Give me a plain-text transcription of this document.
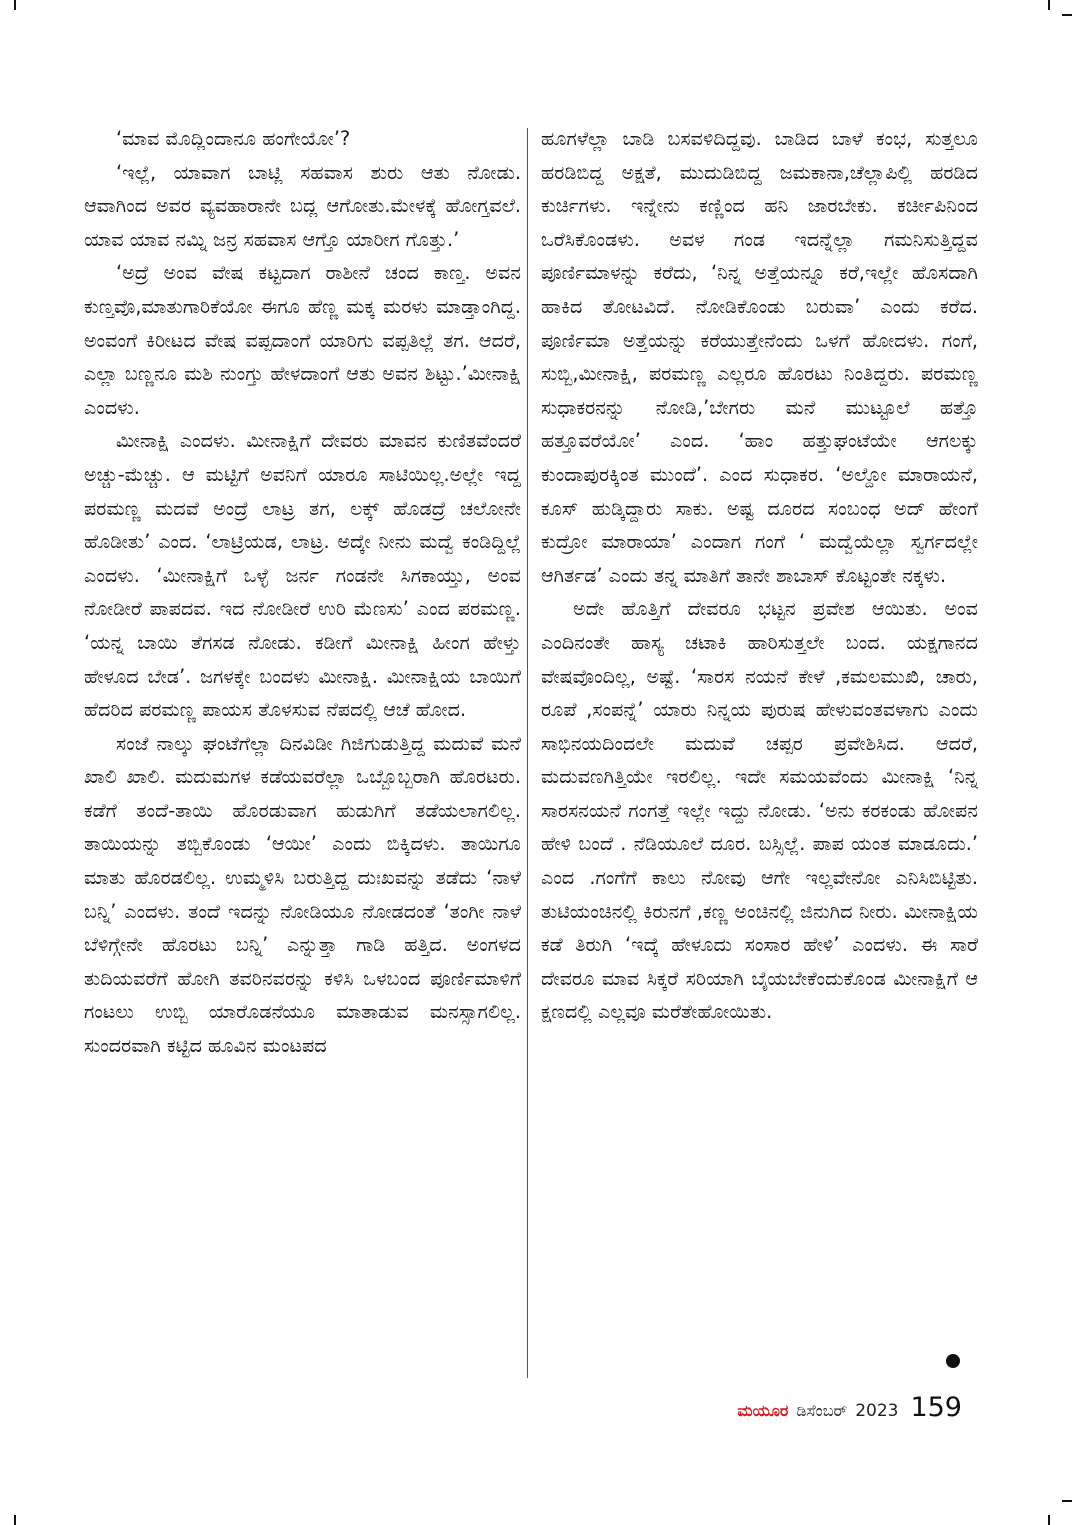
‘ಮಾವ ಮೊದ್ಲಿಂದಾನೂ ಹಂಗೇಯೋ’?

‘ಇಲ್ಲೆ, ಯಾವಾಗ ಬಾಟ್ಲಿ ಸಹವಾಸ ಶುರು ಆತು ನೋಡು. ಆವಾಗಿಂದ ಅವರ ವ್ಯವಹಾರಾನೇ ಬದ್ಲ ಆಗೋತು.ಮೇಳಕ್ಕೆ ಹೋಗ್ತವಲೆ. ಯಾವ ಯಾವ ನಮ್ನಿ ಜನ್ರ ಸಹವಾಸ ಆಗ್ತೊ ಯಾರೀಗ ಗೊತ್ತು.’

‘ಅದ್ರೆ ಅಂವ ವೇಷ ಕಟ್ಟದಾಗ ರಾಶೀನೆ ಚಂದ ಕಾಣ್ತ. ಅವನ ಕುಣ್ತವೊ,ಮಾತುಗಾರಿಕೆಯೋ ಈಗೂ ಹೆಣ್ಣ ಮಕ್ಕ ಮರಳು ಮಾಡ್ತಾಂಗಿದ್ದ. ಅಂವಂಗೆ ಕಿರೀಟದ ವೇಷ ವಪ್ಪದಾಂಗೆ ಯಾರಿಗು ವಪ್ಪತಿಲ್ಲೆ ತಗ. ಆದರೆ, ಎಲ್ಲಾ ಬಣ್ಣನೂ ಮಶಿ ನುಂಗ್ತು ಹೇಳದಾಂಗೆ ಆತು ಅವನ ಶಿಟ್ಟು.’ಮೀನಾಕ್ಷಿ ಎಂದಳು.

ಮೀನಾಕ್ಷಿ ಎಂದಳು. ಮೀನಾಕ್ಷಿಗೆ ದೇವರು ಮಾವನ ಕುಣಿತವೆಂದರೆ ಅಚ್ಚು-ಮೆಚ್ಚು. ಆ ಮಟ್ಟಿಗೆ ಅವನಿಗೆ ಯಾರೂ ಸಾಟಿಯಿಲ್ಲ.ಅಲ್ಲೇ ಇದ್ದ ಪರಮಣ್ಣ ಮದವೆ ಅಂದ್ರೆ ಲಾಟ್ರ ತಗ, ಲಕ್ಕ್ ಹೊಡದ್ರೆ ಚಲೋನೇ ಹೊಡೀತು’ ಎಂದ. ‘ಲಾಟ್ರಿಯಡ, ಲಾಟ್ರ. ಅದ್ಕೇ ನೀನು ಮದ್ವೆ ಕಂಡಿದ್ದಿಲ್ಲೆ ಎಂದಳು. ‘ಮೀನಾಕ್ಷಿಗೆ ಒಳ್ಳೆ ಜರ್ನ ಗಂಡನೇ ಸಿಗಕಾಯ್ತು, ಅಂವ ನೋಡೀರೆ ಪಾಪದವ. ಇದ ನೋಡೀರೆ ಉರಿ ಮೆಣಸು’ ಎಂದ ಪರಮಣ್ಣ. ‘ಯನ್ನ ಬಾಯಿ ತೆಗಸಡ ನೋಡು. ಕಡೀಗೆ ಮೀನಾಕ್ಷಿ ಹೀಂಗ ಹೇಳ್ತು ಹೇಳೂದ ಬೇಡ’. ಜಗಳಕ್ಕೇ ಬಂದಳು ಮೀನಾಕ್ಷಿ. ಮೀನಾಕ್ಷಿಯ ಬಾಯಿಗೆ ಹೆದರಿದ ಪರಮಣ್ಣ ಪಾಯಸ ತೊಳಸುವ ನೆಪದಲ್ಲಿ ಆಚೆ ಹೋದ.

ಸಂಜೆ ನಾಲ್ಕು ಘಂಟೆಗೆಲ್ಲಾ ದಿನವಿಡೀ ಗಿಜಿಗುಡುತ್ತಿದ್ದ ಮದುವೆ ಮನೆ ಖಾಲಿ ಖಾಲಿ. ಮದುಮಗಳ ಕಡೆಯವರೆಲ್ಲಾ ಒಬ್ಬೊಬ್ಬರಾಗಿ ಹೊರಟರು. ಕಡೆಗೆ ತಂದೆ-ತಾಯಿ ಹೊರಡುವಾಗ ಹುಡುಗಿಗೆ ತಡೆಯಲಾಗಲಿಲ್ಲ. ತಾಯಿಯನ್ನು ತಬ್ಬಿಕೊಂಡು ‘ಆಯೀ’ ಎಂದು ಬಿಕ್ಕಿದಳು. ತಾಯಿಗೂ ಮಾತು ಹೊರಡಲಿಲ್ಲ. ಉಮ್ಮಳಿಸಿ ಬರುತ್ತಿದ್ದ ದುಃಖವನ್ನು ತಡೆದು ‘ನಾಳೆ ಬನ್ನಿ’ ಎಂದಳು. ತಂದೆ ಇದನ್ನು ನೋಡಿಯೂ ನೋಡದಂತೆ ‘ತಂಗೀ ನಾಳೆ ಬೆಳಿಗ್ಗೇನೇ ಹೊರಟು ಬನ್ನಿ’ ಎನ್ನುತ್ತಾ ಗಾಡಿ ಹತ್ತಿದ. ಅಂಗಳದ ತುದಿಯವರೆಗೆ ಹೋಗಿ ತವರಿನವರನ್ನು ಕಳಿಸಿ ಒಳಬಂದ ಪೂರ್ಣಿಮಾಳಿಗೆ ಗಂಟಲು ಉಬ್ಬಿ ಯಾರೊಡನೆಯೂ ಮಾತಾಡುವ ಮನಸ್ಸಾಗಲಿಲ್ಲ. ಸುಂದರವಾಗಿ ಕಟ್ಟಿದ ಹೂವಿನ ಮಂಟಪದ

ಹೂಗಳೆಲ್ಲಾ ಬಾಡಿ ಬಸವಳಿದಿದ್ದವು. ಬಾಡಿದ ಬಾಳೆ ಕಂಭ, ಸುತ್ತಲೂ ಹರಡಿಬಿದ್ದ ಅಕ್ಷತೆ, ಮುದುಡಿಬಿದ್ದ ಜಮಕಾನಾ,ಚೆಲ್ಲಾಪಿಲ್ಲಿ ಹರಡಿದ ಕುರ್ಚಿಗಳು. ಇನ್ನೇನು ಕಣ್ಣಿಂದ ಹನಿ ಜಾರಬೇಕು. ಕರ್ಚೀಪಿನಿಂದ ಒರೆಸಿಕೊಂಡಳು. ಅವಳ ಗಂಡ ಇದನ್ನೆಲ್ಲಾ ಗಮನಿಸುತ್ತಿದ್ದವ ಪೂರ್ಣಿಮಾಳನ್ನು ಕರೆದು, ‘ನಿನ್ನ ಅತ್ತೆಯನ್ನೂ ಕರೆ,ಇಲ್ಲೇ ಹೊಸದಾಗಿ ಹಾಕಿದ ತೋಟವಿದೆ. ನೋಡಿಕೊಂಡು ಬರುವಾ’ ಎಂದು ಕರೆದ. ಪೂರ್ಣಿಮಾ ಅತ್ತೆಯನ್ನು ಕರೆಯುತ್ತೇನೆಂದು ಒಳಗೆ ಹೋದಳು. ಗಂಗೆ, ಸುಬ್ಬಿ,ಮೀನಾಕ್ಷಿ, ಪರಮಣ್ಣ ಎಲ್ಲರೂ ಹೊರಟು ನಿಂತಿದ್ದರು. ಪರಮಣ್ಣ ಸುಧಾಕರನನ್ನು ನೋಡಿ,’ಬೇಗರು ಮನೆ ಮುಟ್ಟೂಲೆ ಹತ್ತೊ ಹತ್ತೂವರೆಯೋ’ ಎಂದ. ‘ಹಾಂ ಹತ್ತುಘಂಟೆಯೇ ಆಗಲಕ್ಕು ಕುಂದಾಪುರಕ್ಕಿಂತ ಮುಂದೆ’. ಎಂದ ಸುಧಾಕರ. ‘ಅಲ್ದೋ ಮಾರಾಯನೆ, ಕೂಸ್ ಹುಡ್ಕಿದ್ದಾರು ಸಾಕು. ಅಷ್ಟ ದೂರದ ಸಂಬಂಧ ಅದ್ ಹೇಂಗೆ ಕುದ್ರೋ ಮಾರಾಯಾ’ ಎಂದಾಗ ಗಂಗೆ ‘ ಮದ್ವೆಯೆಲ್ಲಾ ಸ್ವರ್ಗದಲ್ಲೇ ಆಗಿರ್ತಡ’ ಎಂದು ತನ್ನ ಮಾತಿಗೆ ತಾನೇ ಶಾಬಾಸ್ ಕೊಟ್ಟಂತೇ ನಕ್ಕಳು.

ಅದೇ ಹೊತ್ತಿಗೆ ದೇವರೂ ಭಟ್ಟನ ಪ್ರವೇಶ ಆಯಿತು. ಅಂವ ಎಂದಿನಂತೇ ಹಾಸ್ಯ ಚಟಾಕಿ ಹಾರಿಸುತ್ತಲೇ ಬಂದ. ಯಕ್ಷಗಾನದ ವೇಷವೊಂದಿಲ್ಲ, ಅಷ್ಟೆ. ‘ಸಾರಸ ನಯನೆ ಕೇಳೆ ,ಕಮಲಮುಖಿ, ಚಾರು, ರೂಪೆ ,ಸಂಪನ್ನೆ’ ಯಾರು ನಿನ್ನಯ ಪುರುಷ ಹೇಳುವಂತವಳಾಗು ಎಂದು ಸಾಭಿನಯದಿಂದಲೇ ಮದುವೆ ಚಪ್ಪರ ಪ್ರವೇಶಿಸಿದ. ಆದರೆ, ಮದುವಣಗಿತ್ತಿಯೇ ಇರಲಿಲ್ಲ. ಇದೇ ಸಮಯವೆಂದು ಮೀನಾಕ್ಷಿ ‘ನಿನ್ನ ಸಾರಸನಯನೆ ಗಂಗತ್ತೆ ಇಲ್ಲೇ ಇದ್ದು ನೋಡು. ‘ಅನು ಕರಕಂಡು ಹೋಪನ ಹೇಳಿ ಬಂದೆ . ನೆಡಿಯೂಲೆ ದೂರ. ಬಸ್ಸಿಲ್ಲೆ. ಪಾಪ ಯಂತ ಮಾಡೂದು.’ ಎಂದ .ಗಂಗೆಗೆ ಕಾಲು ನೋವು ಆಗೇ ಇಲ್ಲವೇನೋ ಎನಿಸಿಬಿಟ್ಟಿತು. ತುಟಿಯಂಚಿನಲ್ಲಿ ಕಿರುನಗೆ ,ಕಣ್ಣ ಅಂಚಿನಲ್ಲಿ ಜಿನುಗಿದ ನೀರು. ಮೀನಾಕ್ಷಿಯ ಕಡೆ ತಿರುಗಿ ‘ಇದ್ಕೆ ಹೇಳೂದು ಸಂಸಾರ ಹೇಳಿ’ ಎಂದಳು. ಈ ಸಾರೆ ದೇವರೂ ಮಾವ ಸಿಕ್ಕರೆ ಸರಿಯಾಗಿ ಬೈಯಬೇಕೆಂದುಕೊಂಡ ಮೀನಾಕ್ಷಿಗೆ ಆ ಕ್ಷಣದಲ್ಲಿ ಎಲ್ಲವೂ ಮರೆತೇಹೋಯಿತು.

ಮಯೂರ ಡಿಸೆಂಬರ್ 2023 159
